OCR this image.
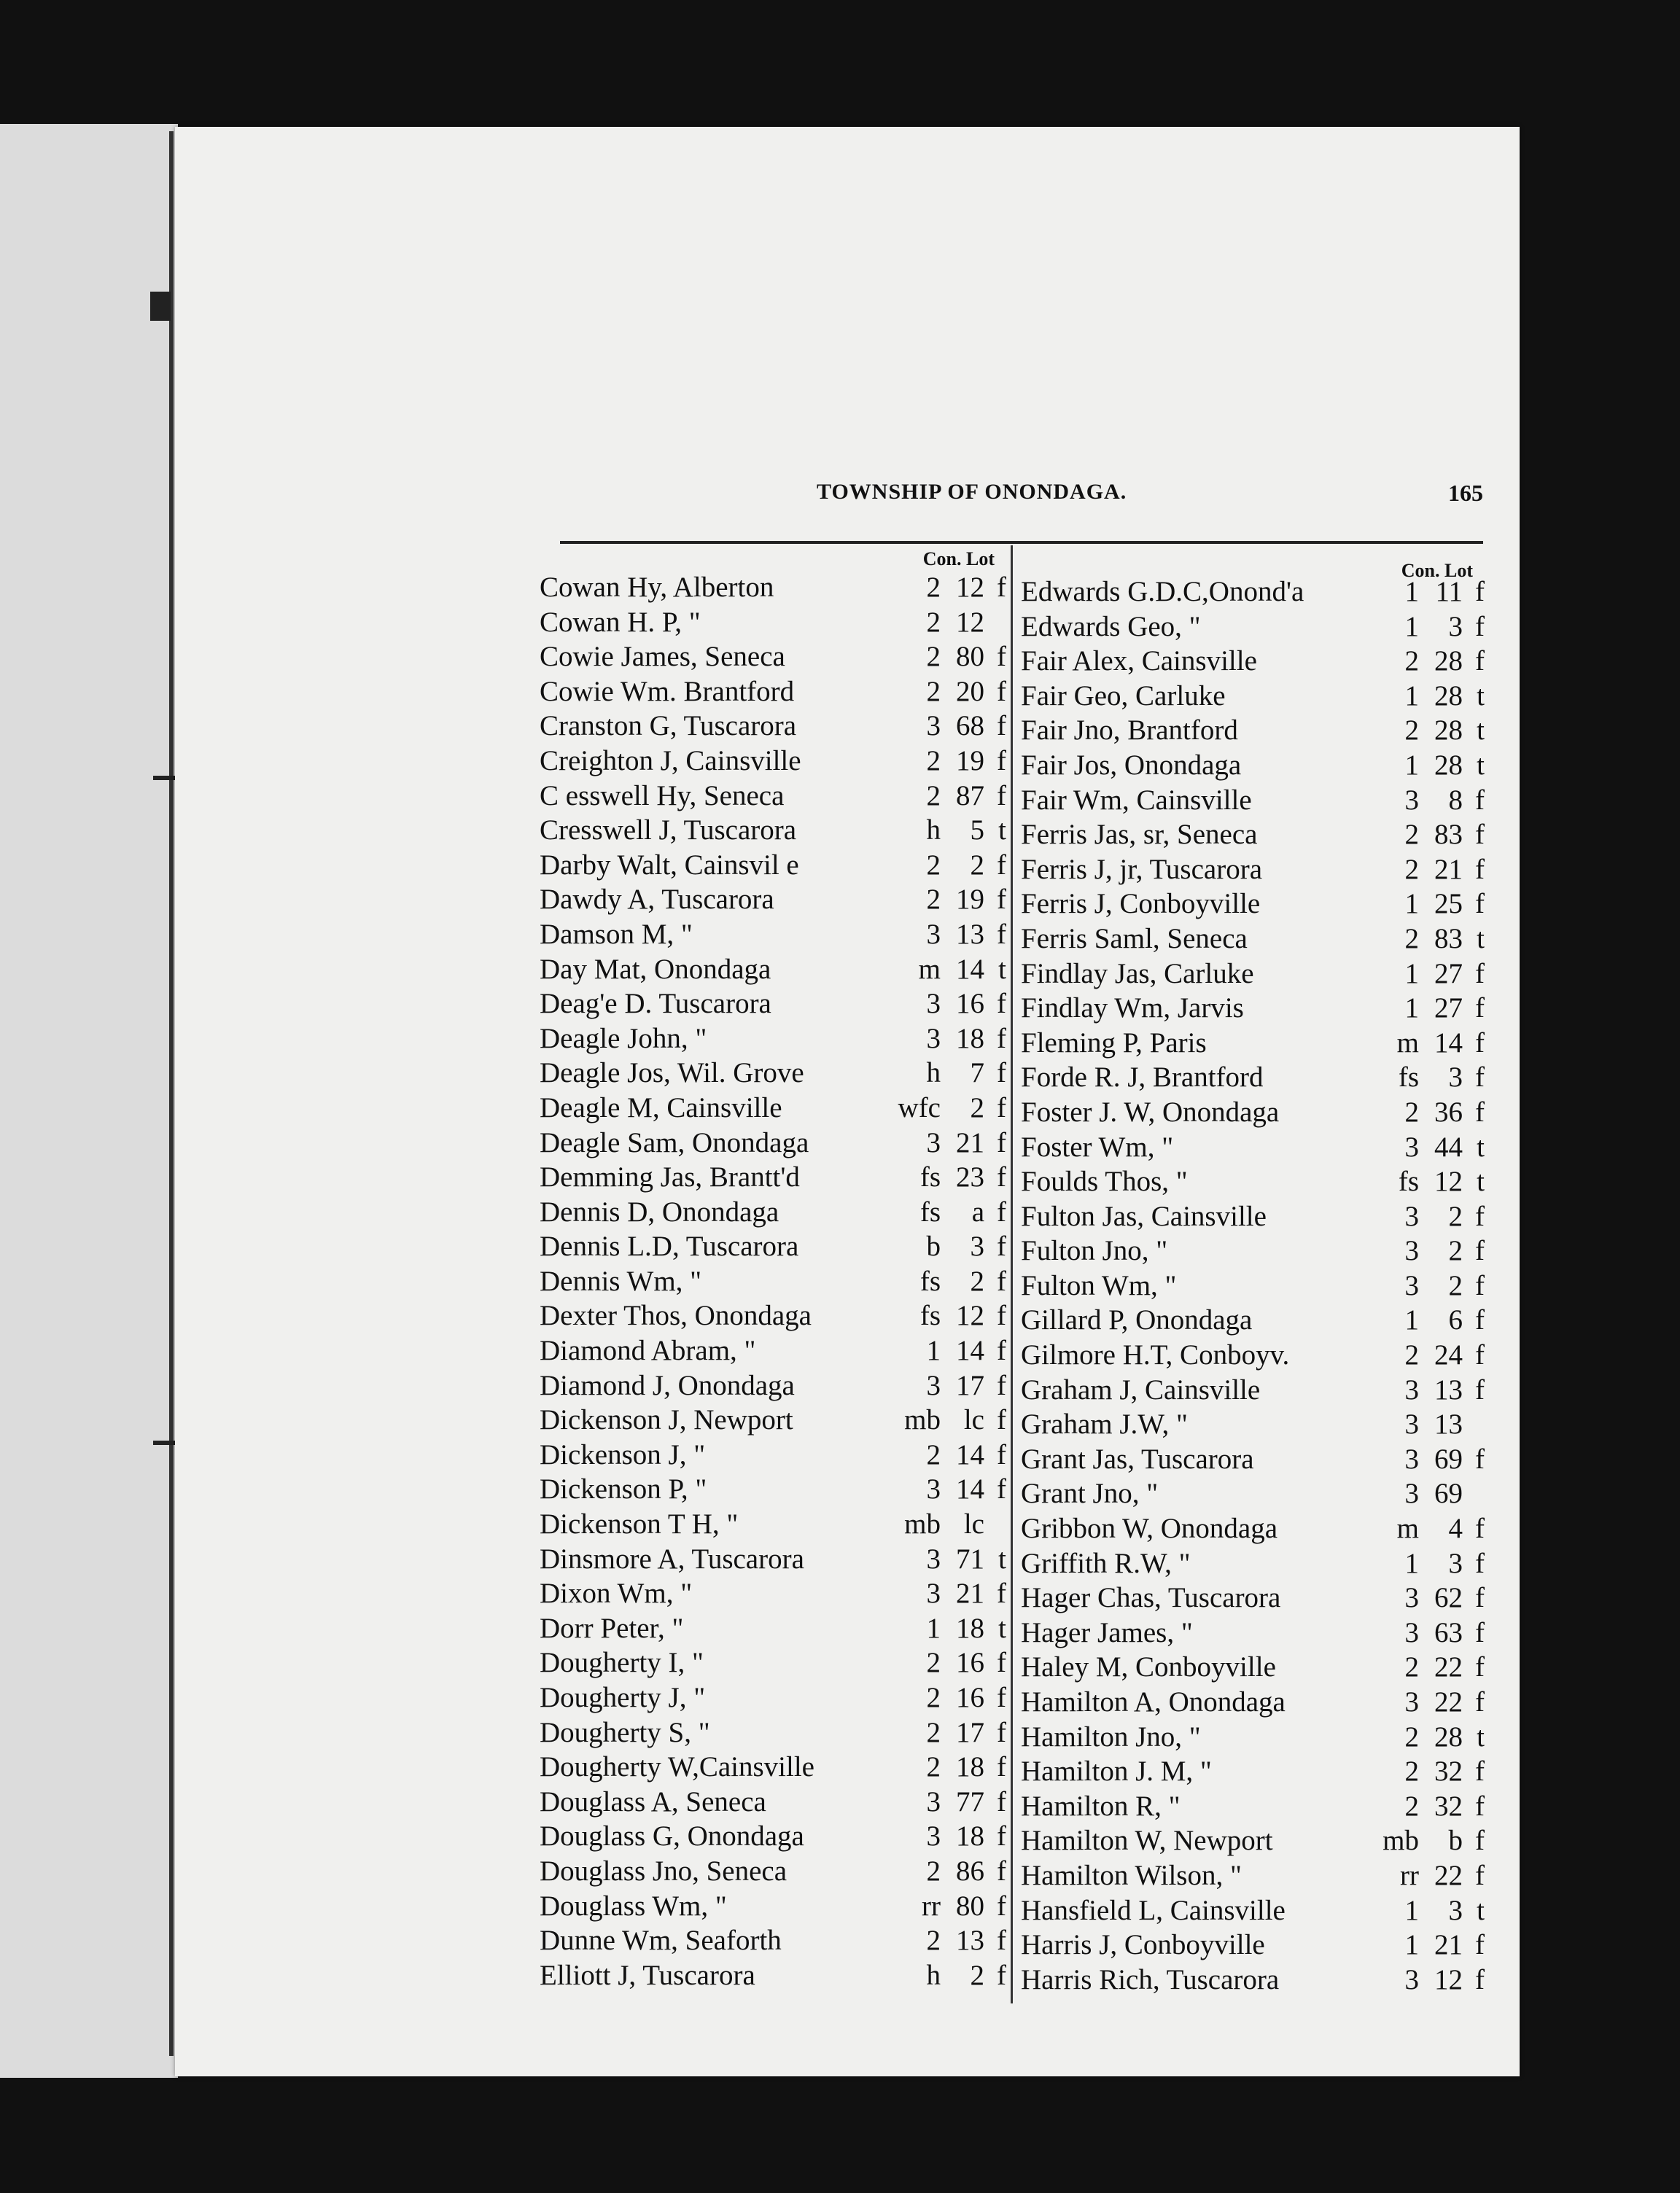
TOWNSHIP OF ONONDAGA.	165
Con. Lot
Cowan Hy, Alberton	2 12 f
Cowan H. P, "	2 12
Cowie James, Seneca	2 80 f
Cowie Wm. Brantford	2 20 f
Cranston G, Tuscarora	3 68 f
Creighton J, Cainsville	2 19 f
C esswell Hy, Seneca	2 87 f
Cresswell J, Tuscarora	h	5 t
Darby Walt, Cainsvil e	2	2 f
Dawdy A, Tuscarora	2 19 f
Damson M, "	3 13 f
Day Mat, Onondaga	m 14 t
Deag'e D. Tuscarora	3 16 f
Deagle John, "	3 18 f
Deagle Jos, Wil. Grove	h	7 f
Deagle M, Cainsville	wfc	2 f
Deagle Sam, Onondaga	3 21 f
Demming Jas, Brantt'd	fs 23 f
Dennis D, Onondaga	fs	a f
Dennis L.D, Tuscarora	b	3 f
Dennis Wm, "	fs	2 f
Dexter Thos, Onondaga	fs 12 f
Diamond Abram, "	1 14 f
Diamond J, Onondaga	3 17 f
Dickenson J, Newport	mb lc f
Dickenson J, "	2 14 f
Dickenson P, "	3 14 f
Dickenson T H, "	mb lc
Dinsmore A, Tuscarora	3 71 t
Dixon Wm, "	3 21 f
Dorr Peter, "	1 18 t
Dougherty I, "	2 16 f
Dougherty J, "	2 16 f
Dougherty S, "	2 17 f
Dougherty W,Cainsville	2 18 f
Douglass A, Seneca	3 77 f
Douglass G, Onondaga	3 18 f
Douglass Jno, Seneca	2 86 f
Douglass Wm, "	rr 80 f
Dunne Wm, Seaforth	2 13 f
Elliott J, Tuscarora	h	2 f
Con. Lot
Edwards G.D.C,Onond'a	1 11 f
Edwards Geo, "	1	3 f
Fair Alex, Cainsville	2 28 f
Fair Geo, Carluke	1 28 t
Fair Jno, Brantford	2 28 t
Fair Jos, Onondaga	1 28 t
Fair Wm, Cainsville	3	8 f
Ferris Jas, sr, Seneca	2 83 f
Ferris J, jr, Tuscarora	2 21 f
Ferris J, Conboyville	1 25 f
Ferris Saml, Seneca	2 83 t
Findlay Jas, Carluke	1 27 f
Findlay Wm, Jarvis	1 27 f
Fleming P, Paris	m 14 f
Forde R. J, Brantford	fs	3 f
Foster J. W, Onondaga	2 36 f
Foster Wm, "	3 44 t
Foulds Thos, "	fs 12 t
Fulton Jas, Cainsville	3	2 f
Fulton Jno, "	3	2 f
Fulton Wm, "	3	2 f
Gillard P, Onondaga	1	6 f
Gilmore H.T, Conboyv.	2 24 f
Graham J, Cainsville	3 13 f
Graham J.W, "	3 13
Grant Jas, Tuscarora	3 69 f
Grant Jno, "	3 69
Gribbon W, Onondaga	m	4 f
Griffith R.W, "	1	3 f
Hager Chas, Tuscarora	3 62 f
Hager James, "	3 63 f
Haley M, Conboyville	2 22 f
Hamilton A, Onondaga	3 22 f
Hamilton Jno, "	2 28 t
Hamilton J. M, "	2 32 f
Hamilton R, "	2 32 f
Hamilton W, Newport	mb	b f
Hamilton Wilson, "	rr 22 f
Hansfield L, Cainsville	1	3 t
Harris J, Conboyville	1 21 f
Harris Rich, Tuscarora	3 12 f
